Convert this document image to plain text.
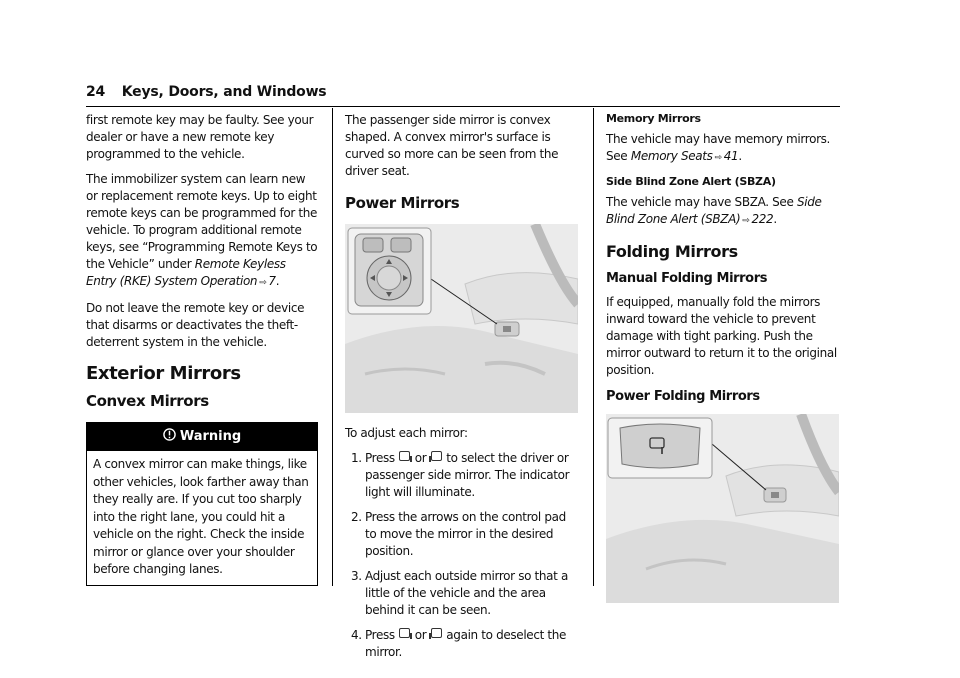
24 Keys, Doors, and Windows

first remote key may be faulty. See your dealer or have a new remote key programmed to the vehicle.

The immobilizer system can learn new or replacement remote keys. Up to eight remote keys can be programmed for the vehicle. To program additional remote keys, see “Programming Remote Keys to the Vehicle” under Remote Keyless Entry (RKE) System Operation ⇨ 7.

Do not leave the remote key or device that disarms or deactivates the theft-deterrent system in the vehicle.

Exterior Mirrors
Convex Mirrors
Warning

A convex mirror can make things, like other vehicles, look farther away than they really are. If you cut too sharply into the right lane, you could hit a vehicle on the right. Check the inside mirror or glance over your shoulder before changing lanes.

The passenger side mirror is convex shaped. A convex mirror's surface is curved so more can be seen from the driver seat.

Power Mirrors

To adjust each mirror:

1. Press or to select the driver or passenger side mirror. The indicator light will illuminate.
2. Press the arrows on the control pad to move the mirror in the desired position.
3. Adjust each outside mirror so that a little of the vehicle and the area behind it can be seen.
4. Press or again to deselect the mirror.
Memory Mirrors

The vehicle may have memory mirrors. See Memory Seats ⇨ 41.

Side Blind Zone Alert (SBZA)

The vehicle may have SBZA. See Side Blind Zone Alert (SBZA) ⇨ 222.

Folding Mirrors
Manual Folding Mirrors

If equipped, manually fold the mirrors inward toward the vehicle to prevent damage with tight parking. Push the mirror outward to return it to the original position.

Power Folding Mirrors
